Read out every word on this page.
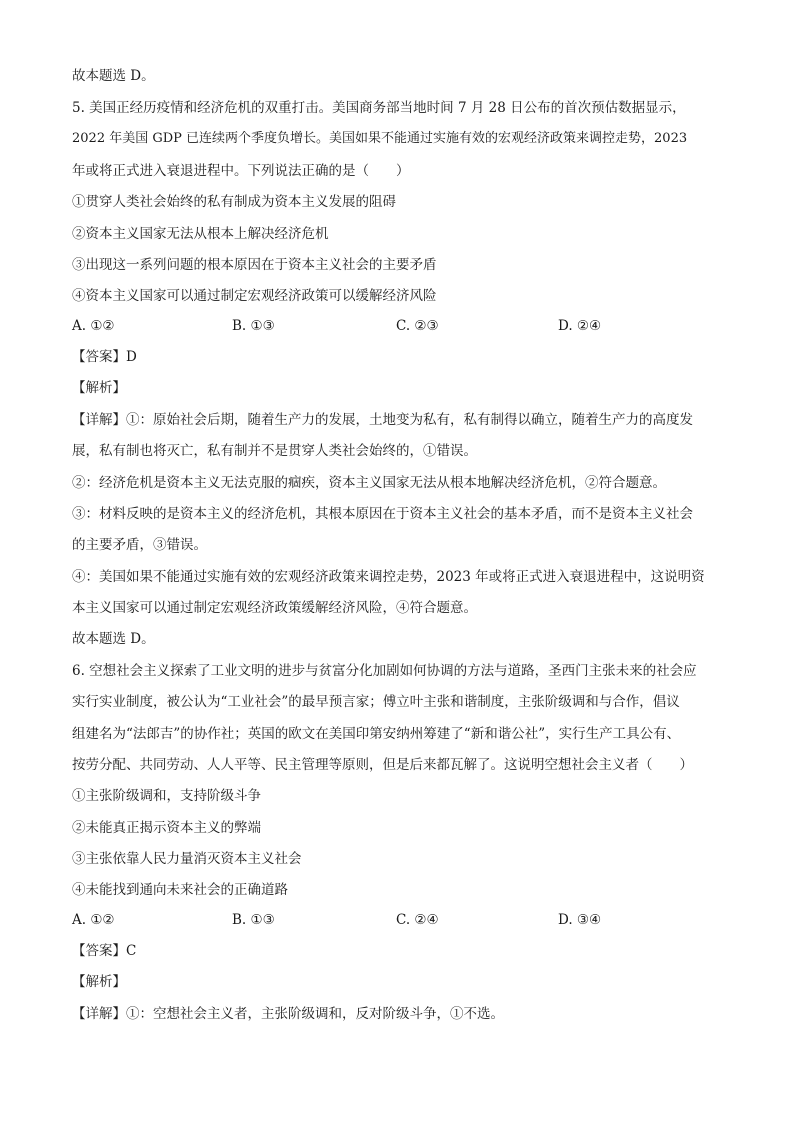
故本题选 D。
5. 美国正经历疫情和经济危机的双重打击。美国商务部当地时间 7 月 28 日公布的首次预估数据显示，
2022 年美国 GDP 已连续两个季度负增长。美国如果不能通过实施有效的宏观经济政策来调控走势，2023
年或将正式进入衰退进程中。下列说法正确的是（　　）
①贯穿人类社会始终的私有制成为资本主义发展的阻碍
②资本主义国家无法从根本上解决经济危机
③出现这一系列问题的根本原因在于资本主义社会的主要矛盾
④资本主义国家可以通过制定宏观经济政策可以缓解经济风险
A. ①②	B. ①③	C. ②③	D. ②④
【答案】D
【解析】
【详解】①：原始社会后期，随着生产力的发展，土地变为私有，私有制得以确立，随着生产力的高度发
展，私有制也将灭亡，私有制并不是贯穿人类社会始终的，①错误。
②：经济危机是资本主义无法克服的痼疾，资本主义国家无法从根本地解决经济危机，②符合题意。
③：材料反映的是资本主义的经济危机，其根本原因在于资本主义社会的基本矛盾，而不是资本主义社会
的主要矛盾，③错误。
④：美国如果不能通过实施有效的宏观经济政策来调控走势，2023 年或将正式进入衰退进程中，这说明资
本主义国家可以通过制定宏观经济政策缓解经济风险，④符合题意。
故本题选 D。
6. 空想社会主义探索了工业文明的进步与贫富分化加剧如何协调的方法与道路，圣西门主张未来的社会应
实行实业制度，被公认为“工业社会”的最早预言家；傅立叶主张和谐制度，主张阶级调和与合作，倡议
组建名为“法郎吉”的协作社；英国的欧文在美国印第安纳州筹建了“新和谐公社”，实行生产工具公有、
按劳分配、共同劳动、人人平等、民主管理等原则，但是后来都瓦解了。这说明空想社会主义者（　　）
①主张阶级调和，支持阶级斗争
②未能真正揭示资本主义的弊端
③主张依靠人民力量消灭资本主义社会
④未能找到通向未来社会的正确道路
A. ①②	B. ①③	C. ②④	D. ③④
【答案】C
【解析】
【详解】①：空想社会主义者，主张阶级调和，反对阶级斗争，①不选。
